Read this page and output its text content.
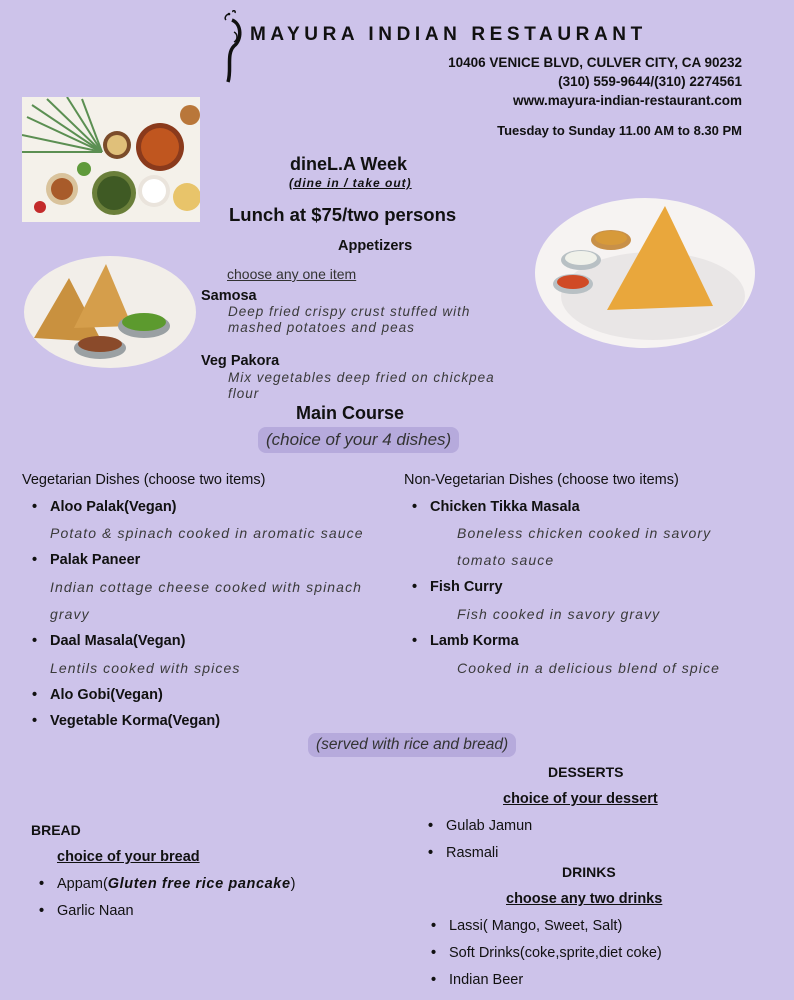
MAYURA INDIAN RESTAURANT
10406 VENICE BLVD, CULVER CITY, CA 90232
(310) 559-9644/(310) 2274561
www.mayura-indian-restaurant.com
Tuesday to Sunday 11.00 AM to 8.30 PM
dineL.A Week
(dine in / take out)
Lunch at $75/two persons
Appetizers
choose any one item
Samosa
Deep fried crispy crust stuffed with
mashed potatoes and peas
Veg Pakora
Mix vegetables deep fried on chickpea
flour
Main Course
(choice of your 4 dishes)
Vegetarian Dishes (choose two items)
• Aloo Palak(Vegan)
Potato & spinach cooked in aromatic sauce
• Palak Paneer
Indian cottage cheese cooked with spinach
gravy
• Daal Masala(Vegan)
Lentils cooked with spices
• Alo Gobi(Vegan)
• Vegetable Korma(Vegan)
Non-Vegetarian Dishes (choose two items)
• Chicken Tikka Masala
Boneless chicken cooked in savory
tomato sauce
• Fish Curry
Fish cooked in savory gravy
• Lamb Korma
Cooked in a delicious blend of spice
(served with rice and bread)
DESSERTS
choice of your dessert
• Gulab Jamun
• Rasmali
DRINKS
choose any two drinks
• Lassi( Mango, Sweet, Salt)
• Soft Drinks(coke,sprite,diet coke)
• Indian Beer
BREAD
choice of your bread
• Appam(Gluten free rice pancake)
• Garlic Naan
